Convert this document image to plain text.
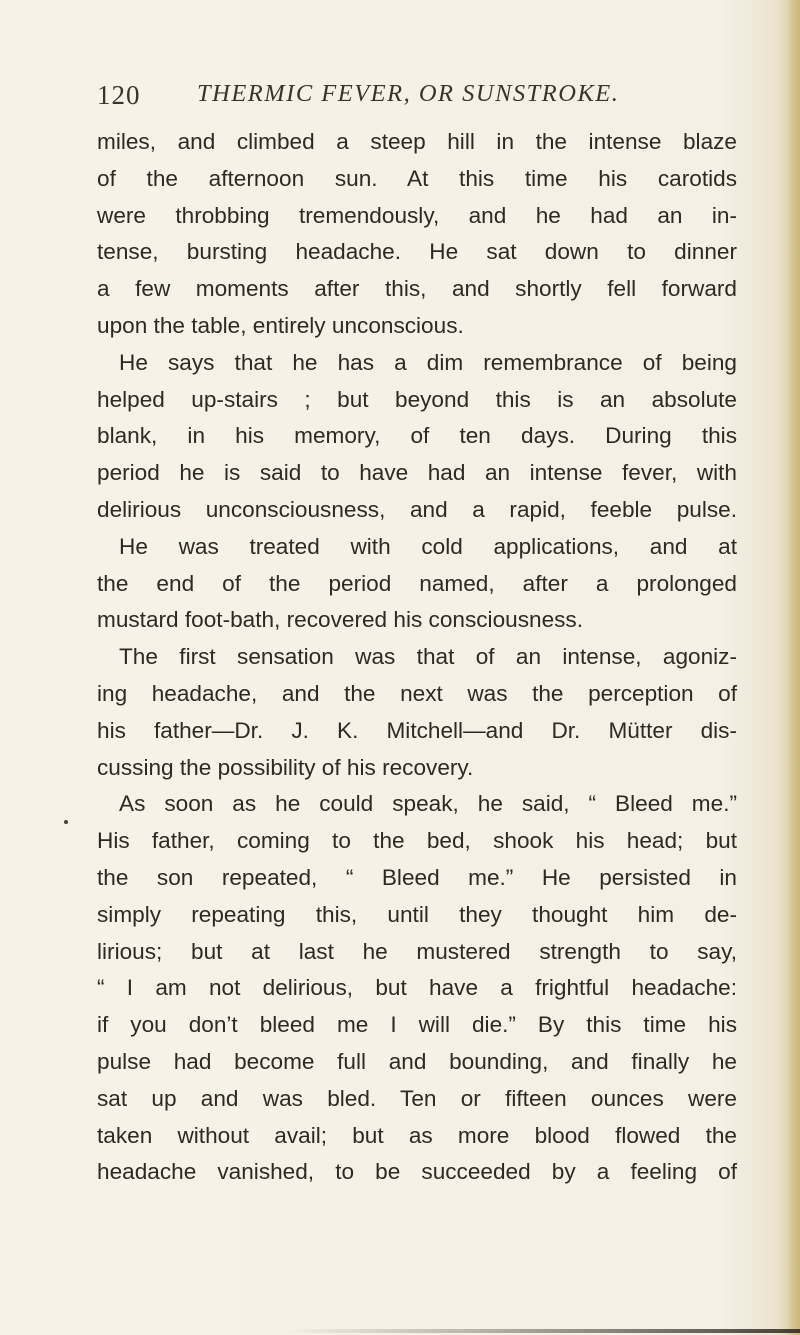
120 THERMIC FEVER, OR SUNSTROKE.
miles, and climbed a steep hill in the intense blaze
of the afternoon sun. At this time his carotids
were throbbing tremendously, and he had an in-
tense, bursting headache. He sat down to dinner
a few moments after this, and shortly fell forward
upon the table, entirely unconscious.
He says that he has a dim remembrance of being
helped up-stairs ; but beyond this is an absolute
blank, in his memory, of ten days. During this
period he is said to have had an intense fever, with
delirious unconsciousness, and a rapid, feeble pulse.
He was treated with cold applications, and at
the end of the period named, after a prolonged
mustard foot-bath, recovered his consciousness.
The first sensation was that of an intense, agoniz-
ing headache, and the next was the perception of
his father—Dr. J. K. Mitchell—and Dr. Mütter dis-
cussing the possibility of his recovery.
As soon as he could speak, he said, “ Bleed me.”
His father, coming to the bed, shook his head; but
the son repeated, “ Bleed me.” He persisted in
simply repeating this, until they thought him de-
lirious; but at last he mustered strength to say,
“ I am not delirious, but have a frightful headache:
if you don’t bleed me I will die.” By this time his
pulse had become full and bounding, and finally he
sat up and was bled. Ten or fifteen ounces were
taken without avail; but as more blood flowed the
headache vanished, to be succeeded by a feeling of
